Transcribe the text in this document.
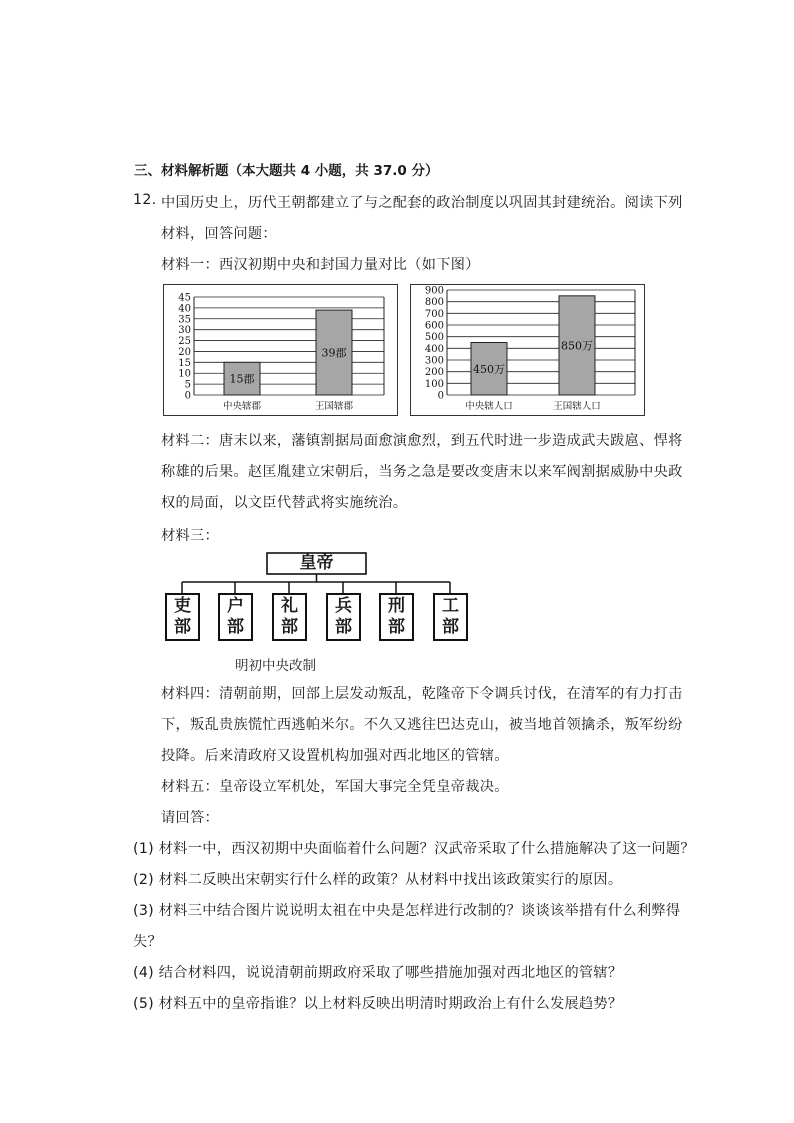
三、材料解析题（本大题共 4 小题，共 37.0 分）
12. 中国历史上，历代王朝都建立了与之配套的政治制度以巩固其封建统治。阅读下列
材料，回答问题：
材料一：西汉初期中央和封国力量对比（如下图）
0
5
10
15
20
25
30
35
40
45
15郡
中央辖郡
39郡
王国辖郡
0
100
200
300
400
500
600
700
800
900
450万
中央辖人口
850万
王国辖人口
材料二：唐末以来，藩镇割据局面愈演愈烈，到五代时进一步造成武夫跋扈、悍将
称雄的后果。赵匡胤建立宋朝后，当务之急是要改变唐末以来军阀割据威胁中央政
权的局面，以文臣代替武将实施统治。
材料三：
皇帝
吏
部
户
部
礼
部
兵
部
刑
部
工
部
明初中央改制
材料四：清朝前期，回部上层发动叛乱，乾隆帝下令调兵讨伐，在清军的有力打击
下，叛乱贵族慌忙西逃帕米尔。不久又逃往巴达克山，被当地首领擒杀，叛军纷纷
投降。后来清政府又设置机构加强对西北地区的管辖。
材料五：皇帝设立军机处，军国大事完全凭皇帝裁决。
请回答：
(1) 材料一中，西汉初期中央面临着什么问题？汉武帝采取了什么措施解决了这一问题？
(2) 材料二反映出宋朝实行什么样的政策？从材料中找出该政策实行的原因。
(3) 材料三中结合图片说说明太祖在中央是怎样进行改制的？谈谈该举措有什么利弊得
失？
(4) 结合材料四，说说清朝前期政府采取了哪些措施加强对西北地区的管辖？
(5) 材料五中的皇帝指谁？以上材料反映出明清时期政治上有什么发展趋势？
